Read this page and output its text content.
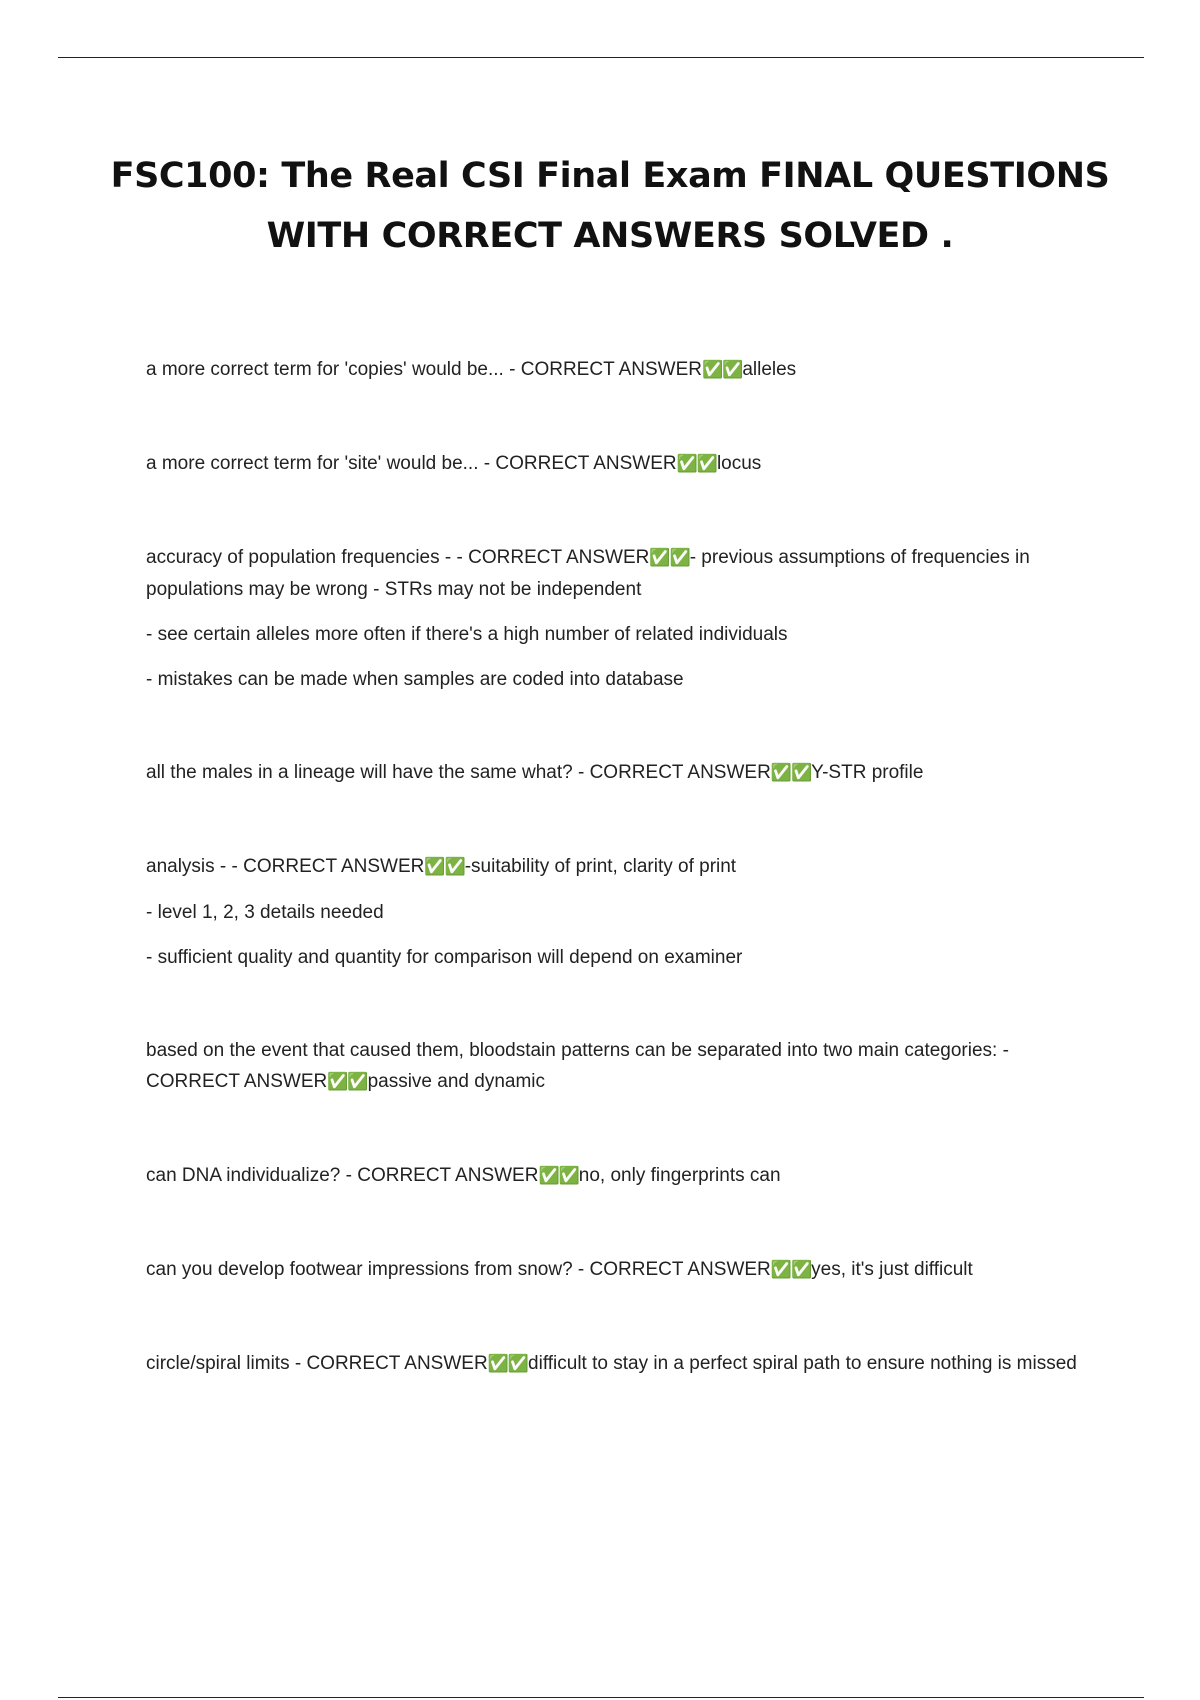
FSC100: The Real CSI Final Exam FINAL QUESTIONS
WITH CORRECT ANSWERS SOLVED .

a more correct term for 'copies' would be... - CORRECT ANSWER✅✅alleles

a more correct term for 'site' would be... - CORRECT ANSWER✅✅locus

accuracy of population frequencies - - CORRECT ANSWER✅✅- previous assumptions of frequencies in populations may be wrong - STRs may not be independent

- see certain alleles more often if there's a high number of related individuals

- mistakes can be made when samples are coded into database

all the males in a lineage will have the same what? - CORRECT ANSWER✅✅Y-STR profile

analysis - - CORRECT ANSWER✅✅-suitability of print, clarity of print

- level 1, 2, 3 details needed

- sufficient quality and quantity for comparison will depend on examiner

based on the event that caused them, bloodstain patterns can be separated into two main categories: - CORRECT ANSWER✅✅passive and dynamic

can DNA individualize? - CORRECT ANSWER✅✅no, only fingerprints can

can you develop footwear impressions from snow? - CORRECT ANSWER✅✅yes, it's just difficult

circle/spiral limits - CORRECT ANSWER✅✅difficult to stay in a perfect spiral path to ensure nothing is missed
